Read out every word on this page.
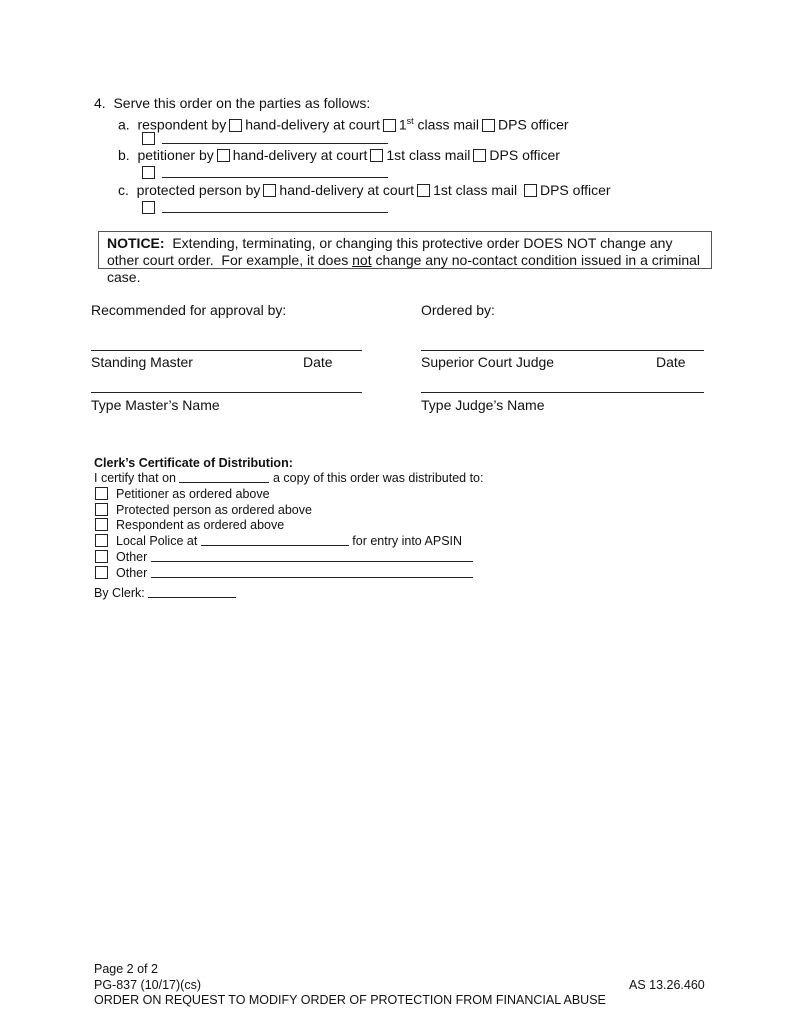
4. Serve this order on the parties as follows:
a. respondent by hand-delivery at court 1st class mail DPS officer

b. petitioner by hand-delivery at court 1st class mail DPS officer

c. protected person by hand-delivery at court 1st class mail DPS officer

NOTICE:  Extending, terminating, or changing this protective order DOES NOT change any other court order.  For example, it does not change any no-contact condition issued in a criminal case.
Recommended for approval by:	Ordered by:
Standing Master	Date	Superior Court Judge	Date
Type Master’s Name	Type Judge’s Name
Clerk’s Certificate of Distribution:
I certify that on	a copy of this order was distributed to:
Petitioner as ordered above
Protected person as ordered above
Respondent as ordered above
Local Police at	for entry into APSIN
Other
Other
By Clerk:
Page 2 of 2
PG-837 (10/17)(cs)	AS 13.26.460
ORDER ON REQUEST TO MODIFY ORDER OF PROTECTION FROM FINANCIAL ABUSE
